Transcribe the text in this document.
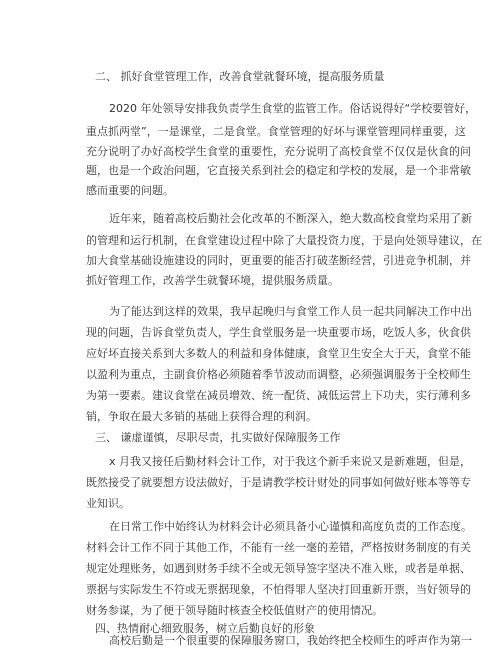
二、 抓好食堂管理工作，改善食堂就餐环境，提高服务质量
2020 年处领导安排我负责学生食堂的监管工作。俗话说得好“学校要管好，
重点抓两堂”，一是课堂，二是食堂。食堂管理的好坏与课堂管理同样重要，这
充分说明了办好高校学生食堂的重要性，充分说明了高校食堂不仅仅是伙食的问
题，也是一个政治问题，它直接关系到社会的稳定和学校的发展，是一个非常敏
感而重要的问题。
近年来，随着高校后勤社会化改革的不断深入，绝大数高校食堂均采用了新
的管理和运行机制，在食堂建设过程中除了大量投资力度，于是向处领导建议，在
加大食堂基础设施建设的同时，更重要的能否打破垄断经营，引进竞争机制，并
抓好管理工作，改善学生就餐环境，提供服务质量。
为了能达到这样的效果，我早起晚归与食堂工作人员一起共同解决工作中出
现的问题，告诉食堂负责人，学生食堂服务是一块重要市场，吃饭人多，伙食供
应好坏直接关系到大多数人的利益和身体健康，食堂卫生安全大于天，食堂不能
以盈利为重点，主副食价格必须随着季节波动而调整，必须强调服务于全校师生
为第一要素。建议食堂在减员增效、统一配货、减低运营上下功夫，实行薄利多
销，争取在最大多销的基础上获得合理的利润。
三、 谦虚谨慎，尽职尽责，扎实做好保障服务工作
x 月我又接任后勤材料会计工作，对于我这个新手来说又是新难题，但是，
既然接受了就要想方设法做好，于是请教学校计财处的同事如何做好账本等等专
业知识。
在日常工作中始终认为材料会计必须具备小心谨慎和高度负责的工作态度。
材料会计工作不同于其他工作，不能有一丝一毫的差错，严格按财务制度的有关
规定处理账务，如遇到财务手续不全或无领导签字坚决不准入账，或者是单据、
票据与实际发生不符或无票据现象，不怕得罪人坚决打回重新开票，当好领导的
财务参谋，为了便于领导随时核查全校低值财产的使用情况。
四、热情耐心细致服务，树立后勤良好的形象
高校后勤是一个很重要的保障服务窗口，我始终把全校师生的呼声作为第一
